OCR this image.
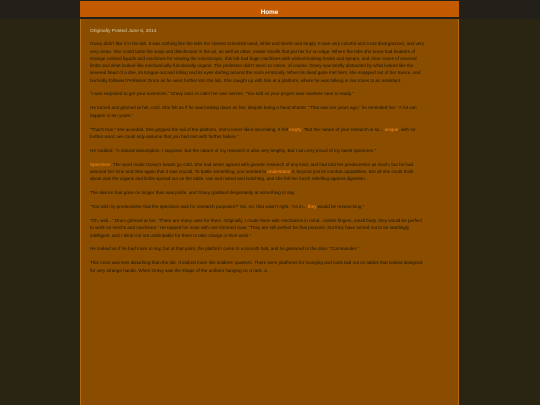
Home
Originally Posted June 6, 2014

Gravy didn't like it in the lab. It was nothing like the labs her closest scientists used, white and sterile and empty. It was very colorful and a tad disorganized, and very very clean. She could taste the soap and disinfectant in the air, as well as other, neater smells that put her fur on edge. Where the labs she knew had beakers of strange colored liquids and machines for viewing the microscopic, this lab had huge machines with wicked-looking hooks and spears, and clear cases of severed limbs and what looked like mechanically-functionally organs. The professor didn't seem to notice, of course. Gravy was briefly distracted by what looked like the severed head of a dire, its tongue out and lolling and its eyes darting around the room erratically. When its dead gaze met hers, she snapped out of her trance, and hurriedly followed Professor Drum as he went further into the lab. She caught up with him at a platform, where he was talking in low tones to an assistant.

“I was surprised to get your summons,” Gravy said, to calm her own nerves. “You told us your project was nowhere near to ready.”

He turned and grinned at her, cool. She felt as if he was looking down on her, despite being a hand shorter. “That was ten years ago,” he reminded her. “A lot can happen in ten years.”

“That's true,” she acceded. She gripped the rail of the platform, she'd never liked ascending. It felt empty. “But the nature of your research is so... unique, with no further word, we could only assume that you had met with further failure.”

He nodded. “A natural assumption, I suppose. But the nature of my research is also very lengthy. But I am very proud of my latest specimen.”

Specimen. The word made Gravy's hearts go cold. She had never agreed with genetic research of any kind, and had told her predecessor as much, but he had assured her time and time again that it was crucial. To battle something, you needed to understand it, beyond just its combat capabilities. But all she could think about was the organs and limbs spread out on the table, raw and naked and twitching, and she felt her lunch rebelling against digestion.

The silence had gone on longer than was polite, and Gravy grabbed desperately at something to say.

“You told my predecessor that the specimen was for research purposes?” No, no, that wasn't right. “As in... they would be researching.”

“Oh, well...” Drum grinned at her. “There are many uses for them. Originally, I made them with mechanics in mind...nimble fingers, small body, they would be perfect to work on mechs and machines.” He tapped his nose with one trimmed claw. “They are still perfect for that purpose, but they have turned out to be startlingly intelligent, and I think it is not unthinkable for them to take charge in their work.”

He looked as if he had more to say, but at that point, the platform came to a smooth halt, and he gestured to the door. “Commander.”

This room was less disturbing than the lab. It looked more like soldiers' quarters. There were platforms for lounging and tools laid out on tables that looked designed for very strange hands. When Gravy saw the shape of the uniform hanging on a rack, a
